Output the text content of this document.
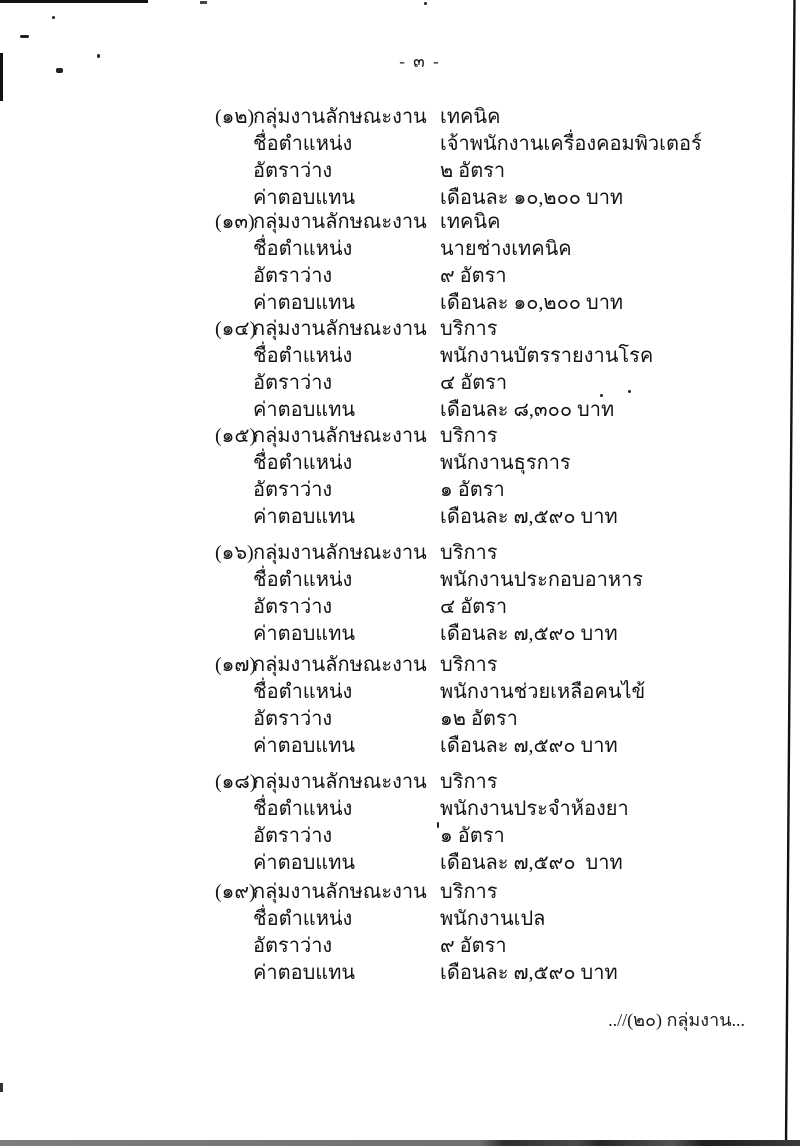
- ๓ -
(๑๒)
กลุ่มงานลักษณะงาน เทคนิค
ชื่อตำแหน่ง	เจ้าพนักงานเครื่องคอมพิวเตอร์
อัตราว่าง	๒ อัตรา
ค่าตอบแทน	เดือนละ ๑๐,๒๐๐ บาท
(๑๓)
กลุ่มงานลักษณะงาน เทคนิค
ชื่อตำแหน่ง	นายช่างเทคนิค
อัตราว่าง	๙ อัตรา
ค่าตอบแทน	เดือนละ ๑๐,๒๐๐ บาท
(๑๔)
กลุ่มงานลักษณะงาน บริการ
ชื่อตำแหน่ง	พนักงานบัตรรายงานโรค
อัตราว่าง	๔ อัตรา
ค่าตอบแทน	เดือนละ ๘,๓๐๐ บาท
(๑๕)
กลุ่มงานลักษณะงาน บริการ
ชื่อตำแหน่ง	พนักงานธุรการ
อัตราว่าง	๑ อัตรา
ค่าตอบแทน	เดือนละ ๗,๕๙๐ บาท
(๑๖) กลุ่มงานลักษณะงาน บริการ
ชื่อตำแหน่ง	พนักงานประกอบอาหาร
อัตราว่าง	๔ อัตรา
ค่าตอบแทน	เดือนละ ๗,๕๙๐ บาท
(๑๗)
กลุ่มงานลักษณะงาน บริการ
ชื่อตำแหน่ง	พนักงานช่วยเหลือคนไข้
อัตราว่าง	๑๒ อัตรา
ค่าตอบแทน	เดือนละ ๗,๕๙๐ บาท
(๑๘)
กลุ่มงานลักษณะงาน บริการ
ชื่อตำแหน่ง	พนักงานประจำห้องยา
อัตราว่าง	๑ อัตรา
ค่าตอบแทน	เดือนละ ๗,๕๙๐  บาท
(๑๙)
กลุ่มงานลักษณะงาน บริการ
ชื่อตำแหน่ง	พนักงานเปล
อัตราว่าง	๙ อัตรา
ค่าตอบแทน	เดือนละ ๗,๕๙๐ บาท
..//(๒๐) กลุ่มงาน...
